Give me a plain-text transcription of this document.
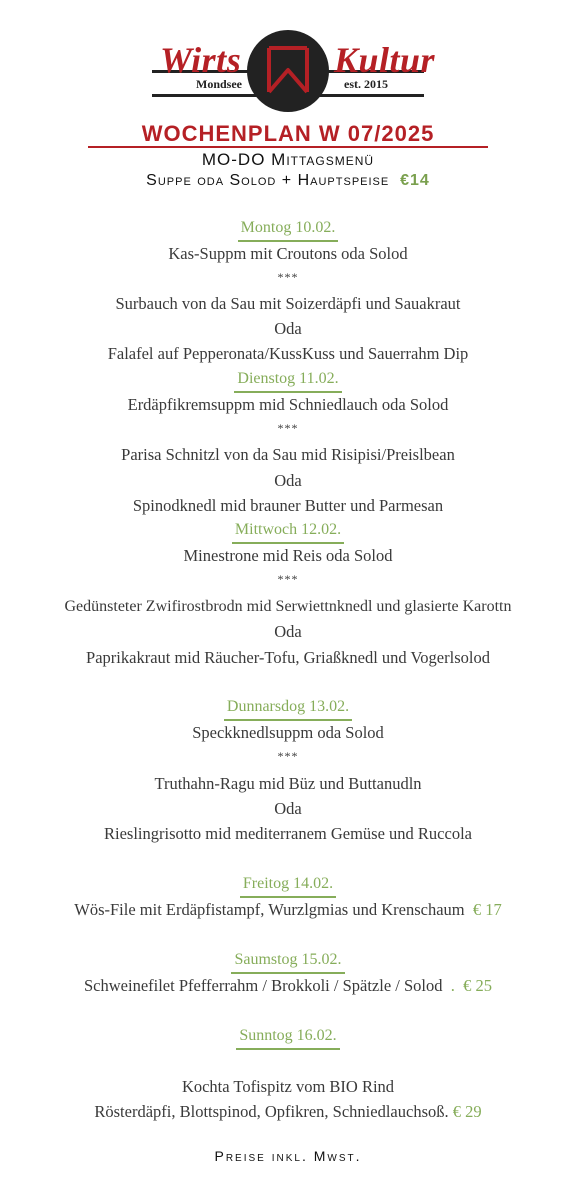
Wirts	Kultur
Mondsee	est. 2015
WOCHENPLAN W 07/2025
MO-DO Mittagsmenü
Suppe oda Solod + Hauptspeise €14
Montog 10.02.
Kas-Suppm mit Croutons oda Solod
***
Surbauch von da Sau mit Soizerdäpfi und Sauakraut
Oda
Falafel auf Pepperonata/KussKuss und Sauerrahm Dip
Dienstog 11.02.
Erdäpfikremsuppm mid Schniedlauch oda Solod
***
Parisa Schnitzl von da Sau mid Risipisi/Preislbean
Oda
Spinodknedl mid brauner Butter und Parmesan
Mittwoch 12.02.
Minestrone mid Reis oda Solod
***
Gedünsteter Zwifirostbrodn mid Serwiettnknedl und glasierte Karottn
Oda
Paprikakraut mid Räucher-Tofu, Griaßknedl und Vogerlsolod
Dunnarsdog 13.02.
Speckknedlsuppm oda Solod
***
Truthahn-Ragu mid Büz und Buttanudln
Oda
Rieslingrisotto mid mediterranem Gemüse und Ruccola
Freitog 14.02.
Wös-File mit Erdäpfistampf, Wurzlgmias und Krenschaum € 17
Saumstog 15.02.
Schweinefilet Pfefferrahm / Brokkoli / Spätzle / Solod . € 25
Sunntog 16.02.
Kochta Tofispitz vom BIO Rind
Rösterdäpfi, Blottspinod, Opfikren, Schniedlauchsoß. € 29
Preise inkl. Mwst.
